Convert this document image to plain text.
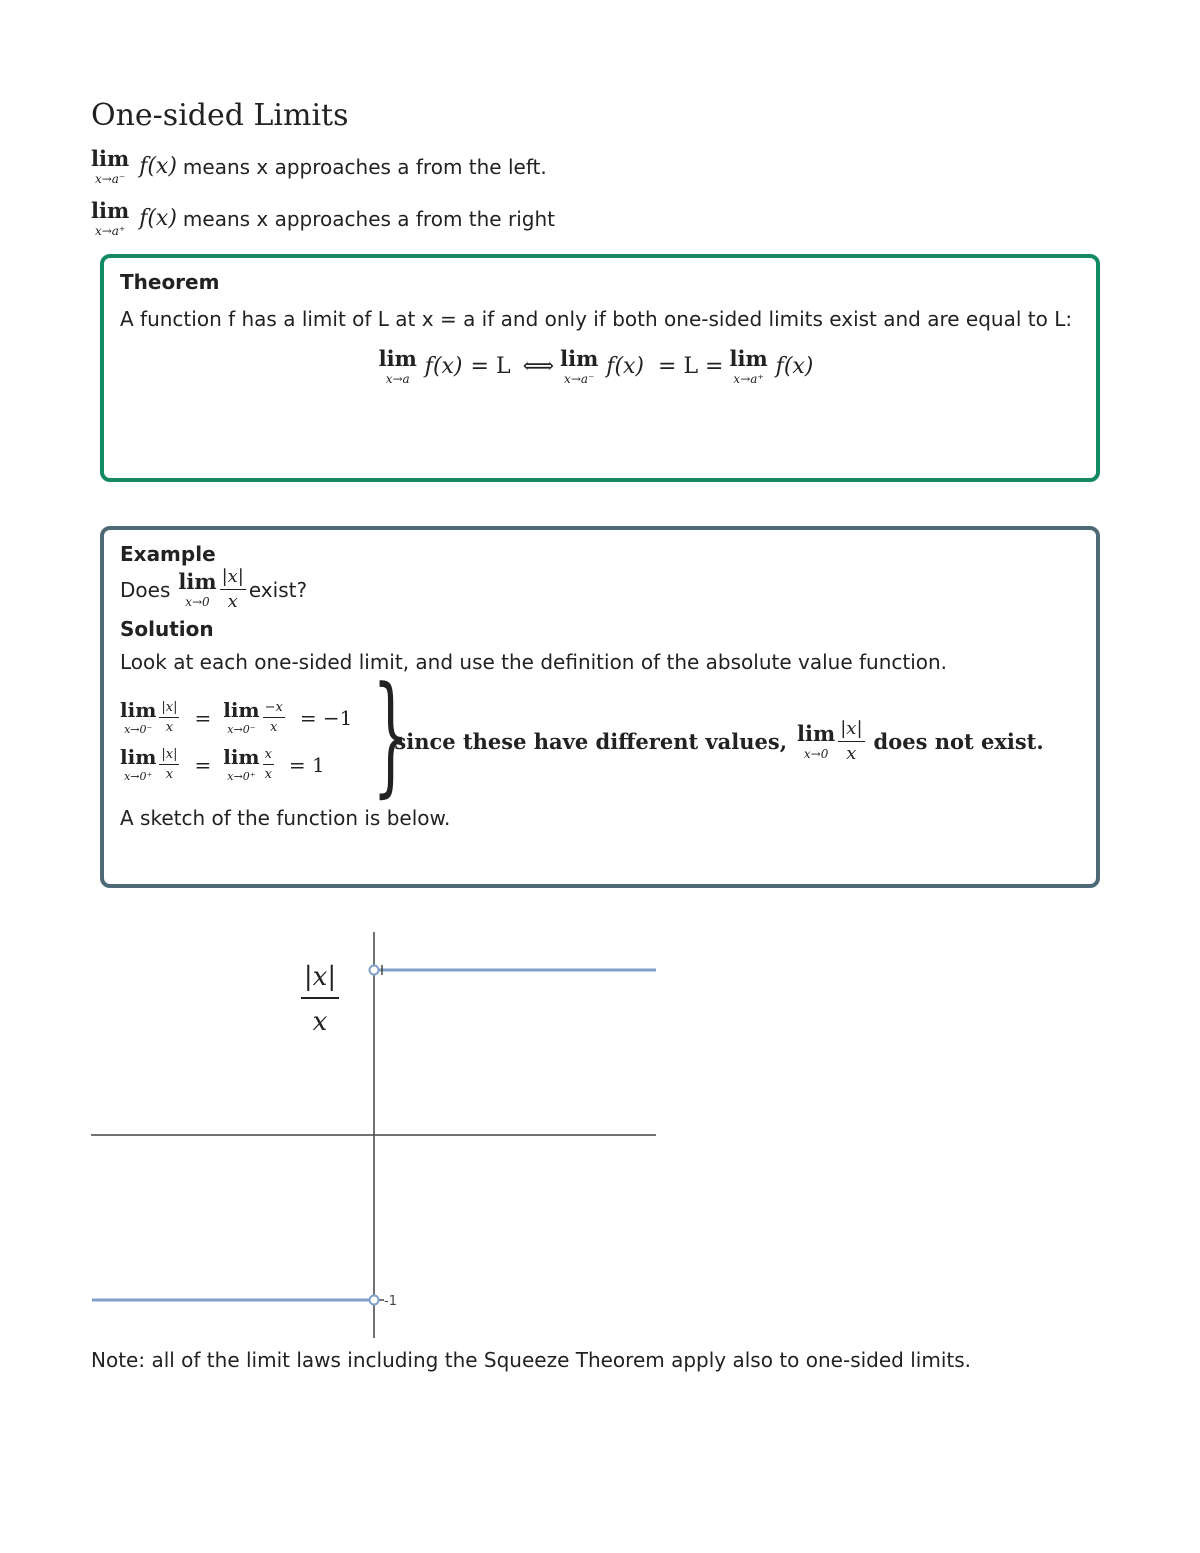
One-sided Limits
lim
x→a⁻ f(x) means x approaches a from the left.
lim
x→a⁺ f(x) means x approaches a from the right

Theorem

A function f has a limit of L at x = a if and only if both one-sided limits exist and are equal to L:

lim
x→a f(x) = L ⟺ lim
x→a⁻ f(x) = L = lim
x→a⁺ f(x)

Example

Does lim
$x\to 0 \frac{|x|}{x}$ exist?

Solution

Look at each one-sided limit, and use the definition of the absolute value function.

lim
$x\to 0^- \frac{|x|}{x} = \lim$
$x\to 0^- \frac{-x}{x} = -1$
lim
$x\to 0^+ \frac{|x|}{x} = \lim$
$x\to 0^+ \frac{x}{x} = 1$ }
since these have different values, lim
$x\to 0 \frac{|x|}{x}$ does not exist.

A sketch of the function is below.

|x|
x
-1

Note: all of the limit laws including the Squeeze Theorem apply also to one-sided limits.
